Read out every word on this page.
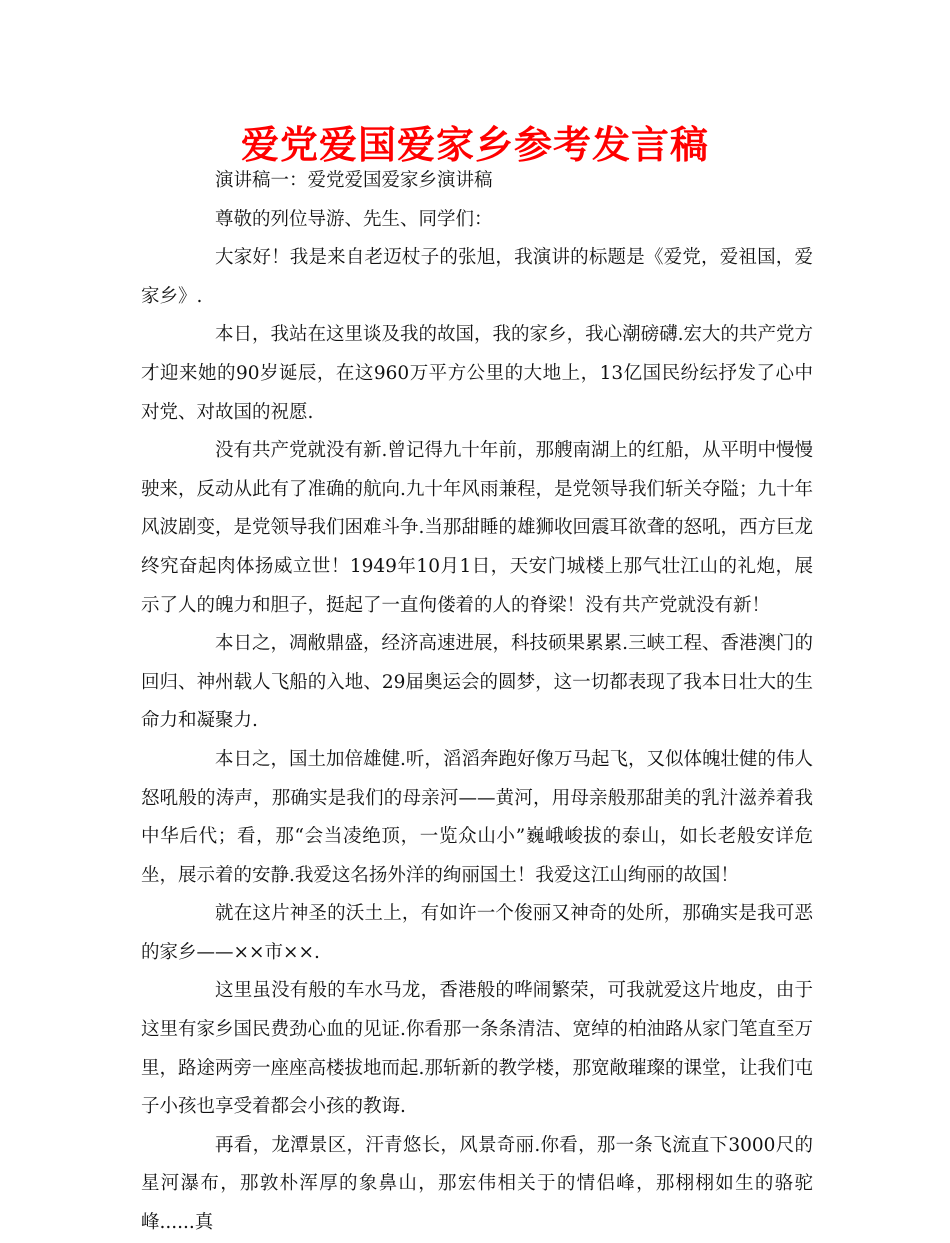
爱党爱国爱家乡参考发言稿

演讲稿一：爱党爱国爱家乡演讲稿

尊敬的列位导游、先生、同学们：

大家好！我是来自老迈杖子的张旭，我演讲的标题是《爱党，爱祖国，爱家乡》.

本日，我站在这里谈及我的故国，我的家乡，我心潮磅礴.宏大的共产党方才迎来她的90岁诞辰，在这960万平方公里的大地上，13亿国民纷纭抒发了心中对党、对故国的祝愿.

没有共产党就没有新.曾记得九十年前，那艘南湖上的红船，从平明中慢慢驶来，反动从此有了准确的航向.九十年风雨兼程，是党领导我们斩关夺隘；九十年风波剧变，是党领导我们困难斗争.当那甜睡的雄狮收回震耳欲聋的怒吼，西方巨龙终究奋起肉体扬威立世！1949年10月1日，天安门城楼上那气壮江山的礼炮，展示了人的魄力和胆子，挺起了一直佝偻着的人的脊梁！没有共产党就没有新！

本日之，凋敝鼎盛，经济高速进展，科技硕果累累.三峡工程、香港澳门的回归、神州载人飞船的入地、29届奥运会的圆梦，这一切都表现了我本日壮大的生命力和凝聚力.

本日之，国土加倍雄健.听，滔滔奔跑好像万马起飞，又似体魄壮健的伟人怒吼般的涛声，那确实是我们的母亲河——黄河，用母亲般那甜美的乳汁滋养着我中华后代；看，那“会当凌绝顶，一览众山小”巍峨峻拔的泰山，如长老般安详危坐，展示着的安静.我爱这名扬外洋的绚丽国土！我爱这江山绚丽的故国！

就在这片神圣的沃土上，有如许一个俊丽又神奇的处所，那确实是我可恶的家乡——××市××.

这里虽没有般的车水马龙，香港般的哗闹繁荣，可我就爱这片地皮，由于这里有家乡国民费劲心血的见证.你看那一条条清洁、宽绰的柏油路从家门笔直至万里，路途两旁一座座高楼拔地而起.那斩新的教学楼，那宽敞璀璨的课堂，让我们屯子小孩也享受着都会小孩的教诲.

再看，龙潭景区，汗青悠长，风景奇丽.你看，那一条飞流直下3000尺的星河瀑布，那敦朴浑厚的象鼻山，那宏伟相关于的情侣峰，那栩栩如生的骆驼峰......真
